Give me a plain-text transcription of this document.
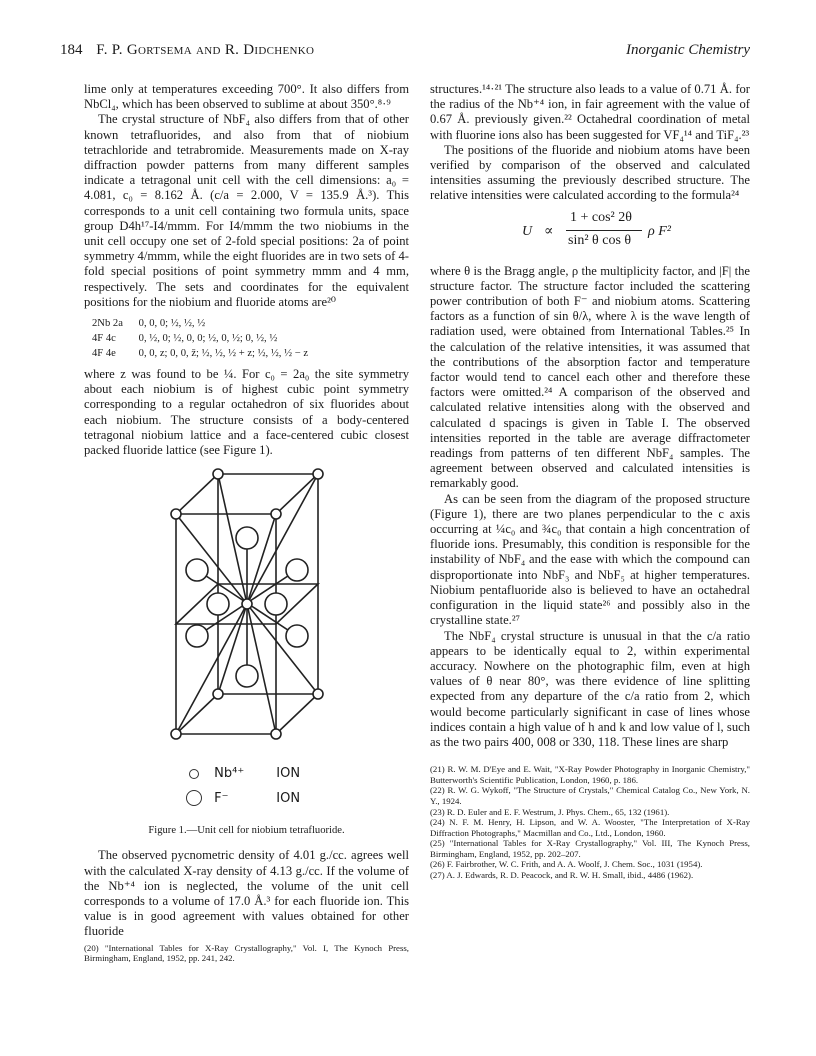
184 F. P. Gortsema and R. Didchenko	Inorganic Chemistry

lime only at temperatures exceeding 700°. It also differs from NbCl₄, which has been observed to sublime at about 350°.⁸·⁹

The crystal structure of NbF₄ also differs from that of other known tetrafluorides, and also from that of niobium tetrachloride and tetrabromide. Measurements made on X-ray diffraction powder patterns from many different samples indicate a tetragonal unit cell with the cell dimensions: a₀ = 4.081, c₀ = 8.162 Å. (c/a = 2.000, V = 135.9 Å.³). This corresponds to a unit cell containing two formula units, space group D4h¹⁷-I4/mmm. For I4/mmm the two niobiums in the unit cell occupy one set of 2-fold special positions: 2a of point symmetry 4/mmm, while the eight fluorides are in two sets of 4-fold special positions of point symmetry mmm and 4 mm, respectively. The sets and coordinates for the equivalent positions for the niobium and fluoride atoms are²⁰

2Nb 2a 0, 0, 0; ½, ½, ½
4F 4c 0, ½, 0; ½, 0, 0; ½, 0, ½; 0, ½, ½
4F 4e 0, 0, z; 0, 0, z̄; ½, ½, ½ + z; ½, ½, ½ − z

where z was found to be ¼. For c₀ = 2a₀ the site symmetry about each niobium is of highest cubic point symmetry corresponding to a regular octahedron of six fluorides about each niobium. The structure consists of a body-centered tetragonal niobium lattice and a face-centered cubic closest packed fluoride lattice (see Figure 1).

Nb⁴⁺ ION
F⁻	ION
Figure 1.—Unit cell for niobium tetrafluoride.

The observed pycnometric density of 4.01 g./cc. agrees well with the calculated X-ray density of 4.13 g./cc. If the volume of the Nb⁺⁴ ion is neglected, the volume of the unit cell corresponds to a volume of 17.0 Å.³ for each fluoride ion. This value is in good agreement with values obtained for other fluoride

(20) "International Tables for X-Ray Crystallography," Vol. I, The Kynoch Press, Birmingham, England, 1952, pp. 241, 242.

structures.¹⁴·²¹ The structure also leads to a value of 0.71 Å. for the radius of the Nb⁺⁴ ion, in fair agreement with the value of 0.67 Å. previously given.²² Octahedral coordination of metal with fluorine ions also has been suggested for VF₄¹⁴ and TiF₄.²³

The positions of the fluoride and niobium atoms have been verified by comparison of the observed and calculated intensities assuming the previously described structure. The relative intensities were calculated according to the formula²⁴

U ∝
1 + cos² 2θ
sin² θ cos θ
ρ F²

where θ is the Bragg angle, ρ the multiplicity factor, and |F| the structure factor. The structure factor included the scattering power contribution of both F⁻ and niobium atoms. Scattering factors as a function of sin θ/λ, where λ is the wave length of radiation used, were obtained from International Tables.²⁵ In the calculation of the relative intensities, it was assumed that the contributions of the absorption factor and temperature factor would tend to cancel each other and therefore these factors were omitted.²⁴ A comparison of the observed and calculated relative intensities along with the observed and calculated d spacings is given in Table I. The observed intensities reported in the table are average diffractometer readings from patterns of ten different NbF₄ samples. The agreement between observed and calculated intensities is remarkably good.

As can be seen from the diagram of the proposed structure (Figure 1), there are two planes perpendicular to the c axis occurring at ¼c₀ and ¾c₀ that contain a high concentration of fluoride ions. Presumably, this condition is responsible for the instability of NbF₄ and the ease with which the compound can disproportionate into NbF₃ and NbF₅ at higher temperatures. Niobium pentafluoride also is believed to have an octahedral configuration in the liquid state²⁶ and possibly also in the crystalline state.²⁷

The NbF₄ crystal structure is unusual in that the c/a ratio appears to be identically equal to 2, within experimental accuracy. Nowhere on the photographic film, even at high values of θ near 80°, was there evidence of line splitting expected from any departure of the c/a ratio from 2, which would become particularly significant in case of lines whose indices contain a high value of h and k and low value of l, such as the two pairs 400, 008 or 330, 118. These lines are sharp

(21) R. W. M. D'Eye and E. Wait, "X-Ray Powder Photography in Inorganic Chemistry," Butterworth's Scientific Publication, London, 1960, p. 186.
(22) R. W. G. Wykoff, "The Structure of Crystals," Chemical Catalog Co., New York, N. Y., 1924.
(23) R. D. Euler and E. F. Westrum, J. Phys. Chem., 65, 132 (1961).
(24) N. F. M. Henry, H. Lipson, and W. A. Wooster, "The Interpretation of X-Ray Diffraction Photographs," Macmillan and Co., Ltd., London, 1960.
(25) "International Tables for X-Ray Crystallography," Vol. III, The Kynoch Press, Birmingham, England, 1952, pp. 202–207.
(26) F. Fairbrother, W. C. Frith, and A. A. Woolf, J. Chem. Soc., 1031 (1954).
(27) A. J. Edwards, R. D. Peacock, and R. W. H. Small, ibid., 4486 (1962).
